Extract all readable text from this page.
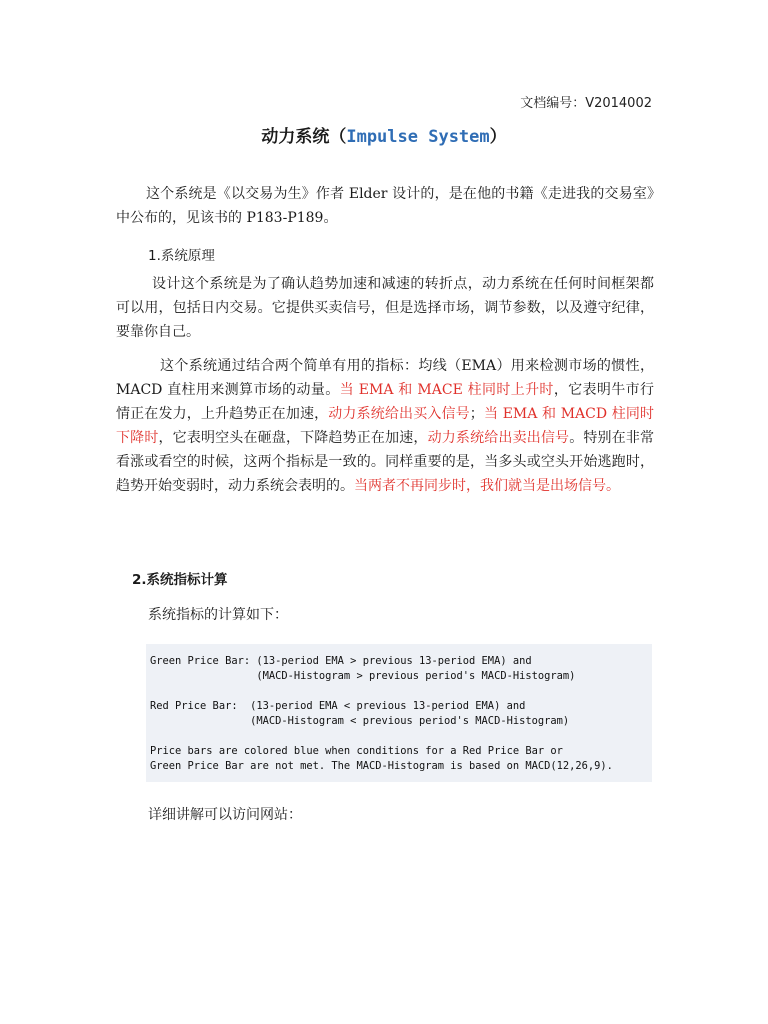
文档编号：V2014002
动力系统（Impulse System）
这个系统是《以交易为生》作者 Elder 设计的，是在他的书籍《走进我的交易室》中公布的，见该书的 P183-P189。
1.系统原理
设计这个系统是为了确认趋势加速和减速的转折点，动力系统在任何时间框架都可以用，包括日内交易。它提供买卖信号，但是选择市场，调节参数，以及遵守纪律，要靠你自己。
这个系统通过结合两个简单有用的指标：均线（EMA）用来检测市场的惯性，MACD 直柱用来测算市场的动量。当 EMA 和 MACE 柱同时上升时，它表明牛市行情正在发力，上升趋势正在加速，动力系统给出买入信号；当 EMA 和 MACD 柱同时下降时，它表明空头在砸盘，下降趋势正在加速，动力系统给出卖出信号。特别在非常看涨或看空的时候，这两个指标是一致的。同样重要的是，当多头或空头开始逃跑时，趋势开始变弱时，动力系统会表明的。当两者不再同步时，我们就当是出场信号。
2.系统指标计算
系统指标的计算如下：
Green Price Bar: (13-period EMA > previous 13-period EMA) and
(MACD-Histogram > previous period's MACD-Histogram)
Red Price Bar:  (13-period EMA < previous 13-period EMA) and
(MACD-Histogram < previous period's MACD-Histogram)
Price bars are colored blue when conditions for a Red Price Bar or
Green Price Bar are not met. The MACD-Histogram is based on MACD(12,26,9).
详细讲解可以访问网站：
